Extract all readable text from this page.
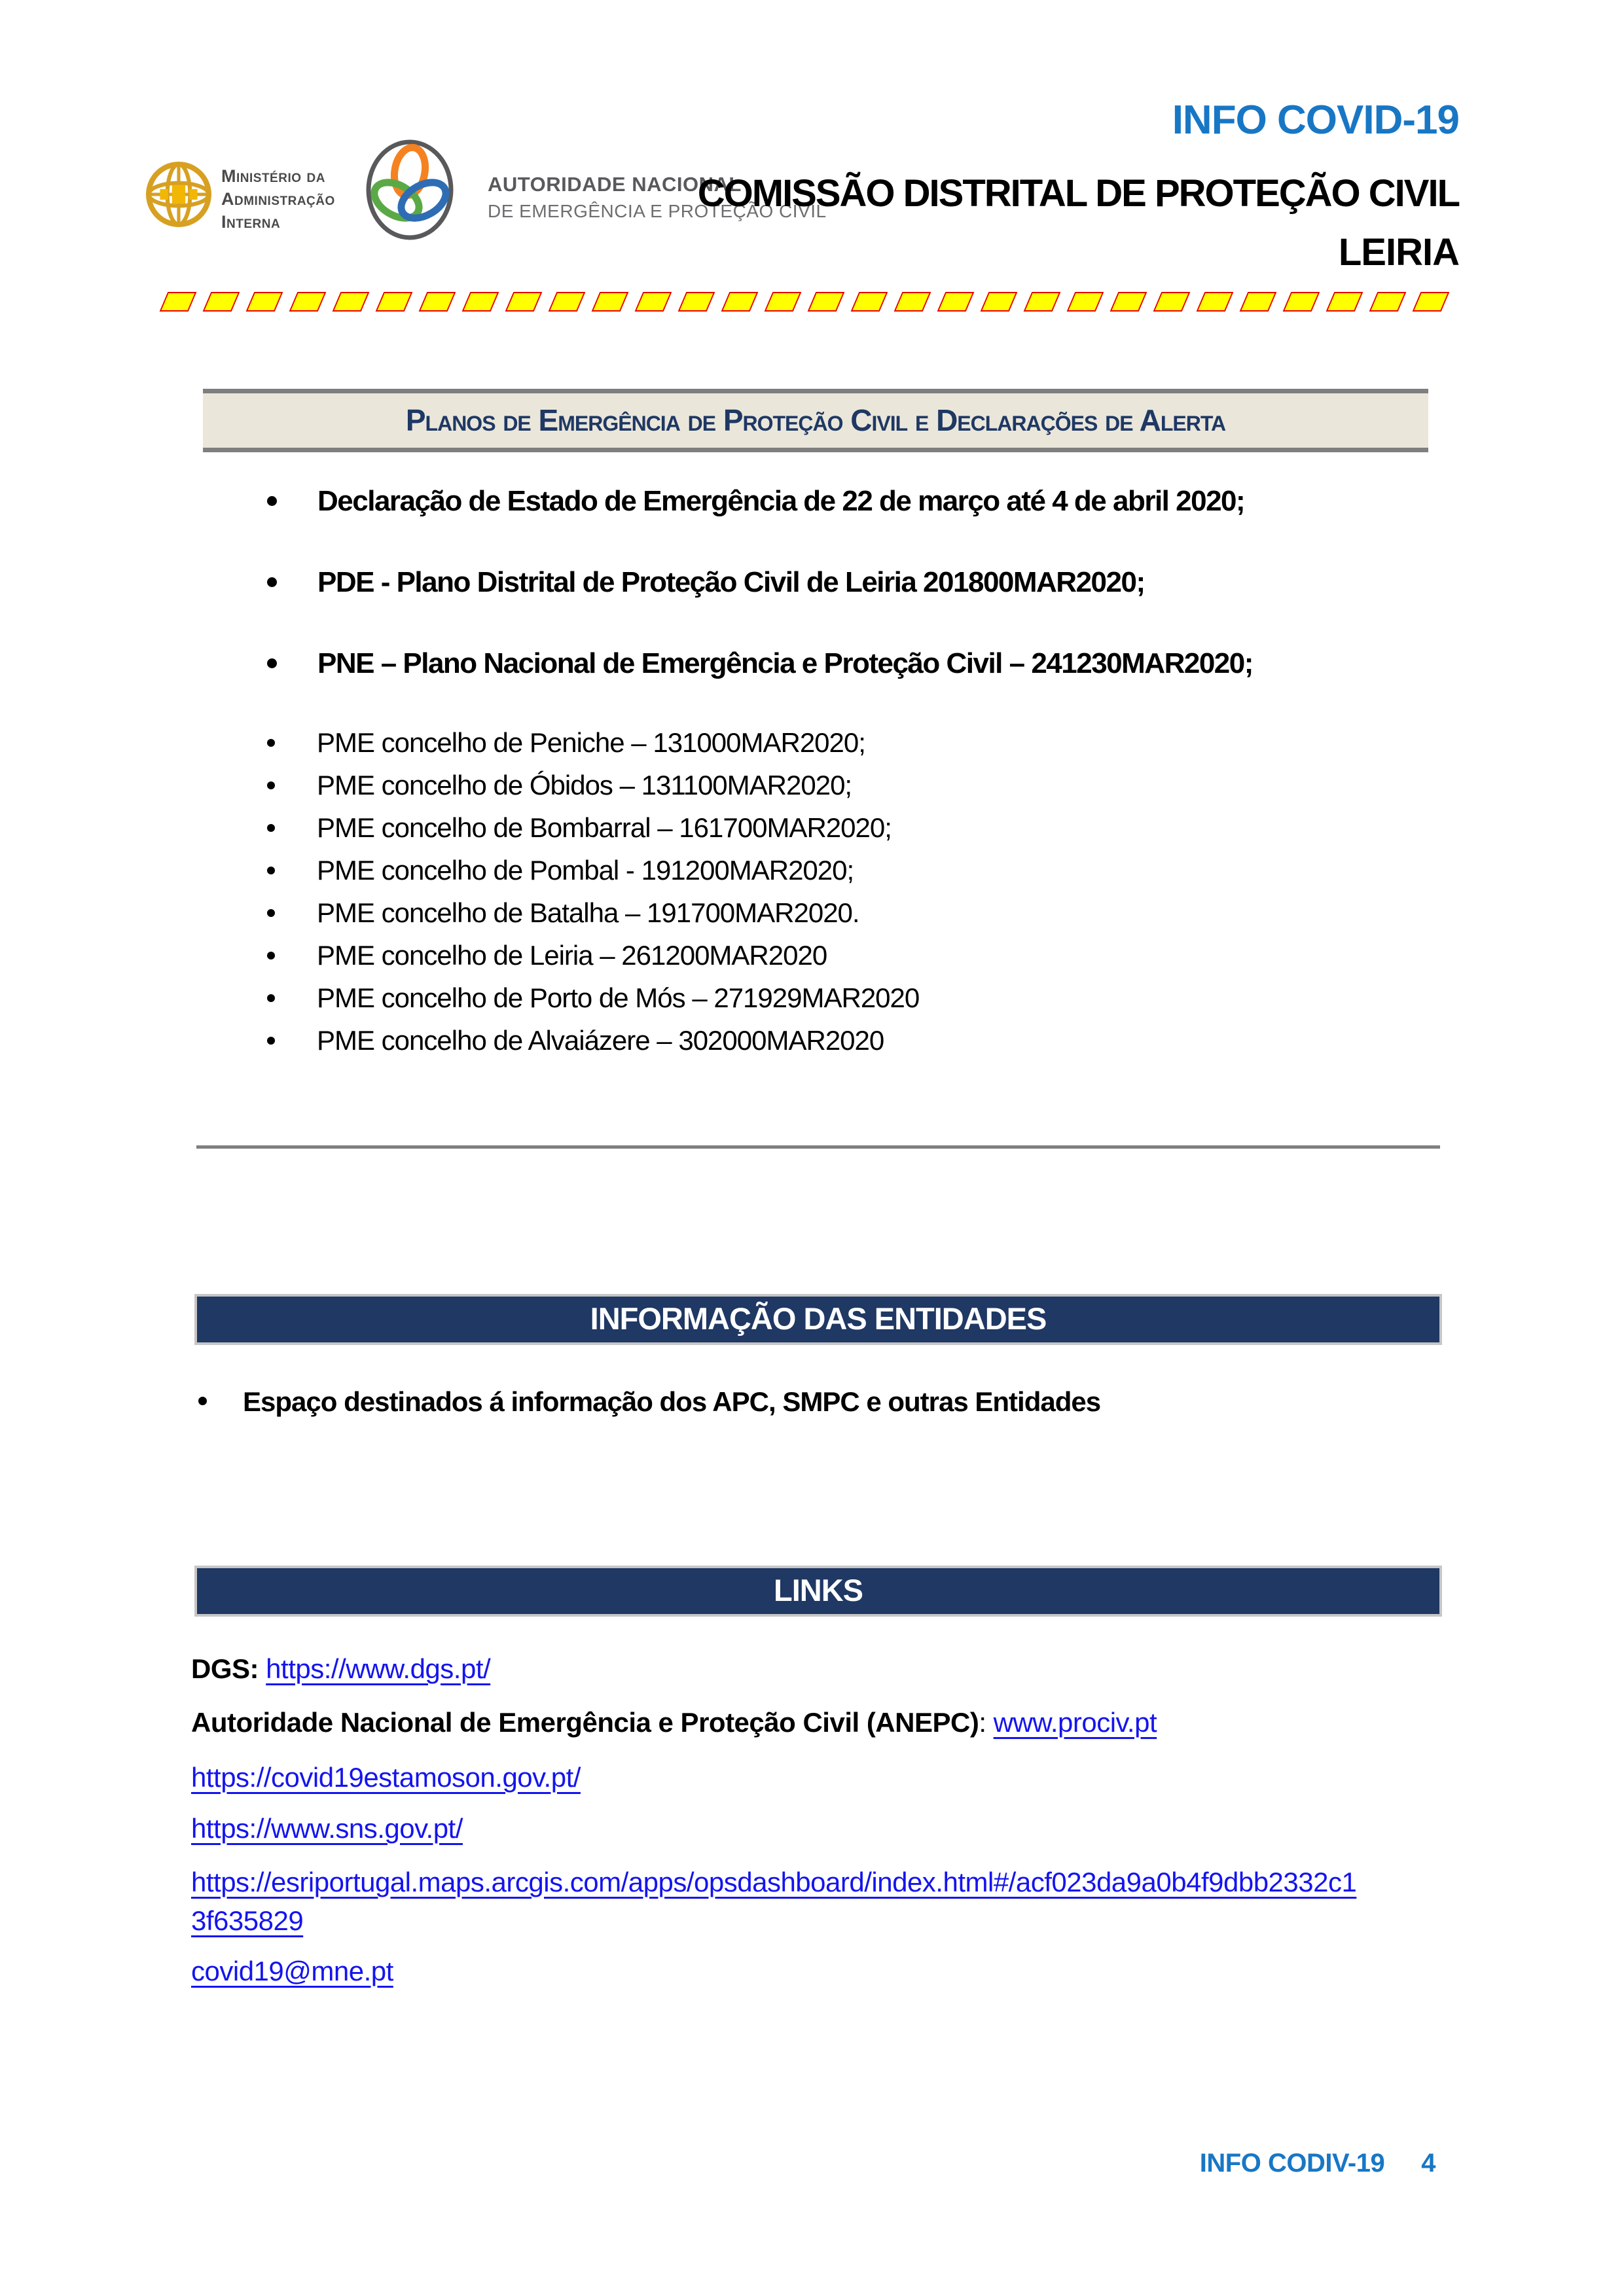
Ministério da
Administração
Interna
AUTORIDADE NACIONAL
DE EMERGÊNCIA E PROTEÇÃO CIVIL
INFO COVID-19
COMISSÃO DISTRITAL DE PROTEÇÃO CIVIL
LEIRIA
Planos de Emergência de Proteção Civil e Declarações de Alerta
Declaração de Estado de Emergência de 22 de março até 4 de abril 2020;
PDE - Plano Distrital de Proteção Civil de Leiria 201800MAR2020;
PNE – Plano Nacional de Emergência e Proteção Civil – 241230MAR2020;
PME concelho de Peniche – 131000MAR2020;
PME concelho de Óbidos – 131100MAR2020;
PME concelho de Bombarral – 161700MAR2020;
PME concelho de Pombal - 191200MAR2020;
PME concelho de Batalha – 191700MAR2020.
PME concelho de Leiria – 261200MAR2020
PME concelho de Porto de Mós – 271929MAR2020
PME concelho de Alvaiázere – 302000MAR2020
INFORMAÇÃO DAS ENTIDADES
Espaço destinados á informação dos APC, SMPC e outras Entidades
LINKS
DGS: https://www.dgs.pt/
Autoridade Nacional de Emergência e Proteção Civil (ANEPC): www.prociv.pt
https://covid19estamoson.gov.pt/
https://www.sns.gov.pt/
https://esriportugal.maps.arcgis.com/apps/opsdashboard/index.html#/acf023da9a0b4f9dbb2332c1
3f635829
covid19@mne.pt
INFO CODIV-19 4
